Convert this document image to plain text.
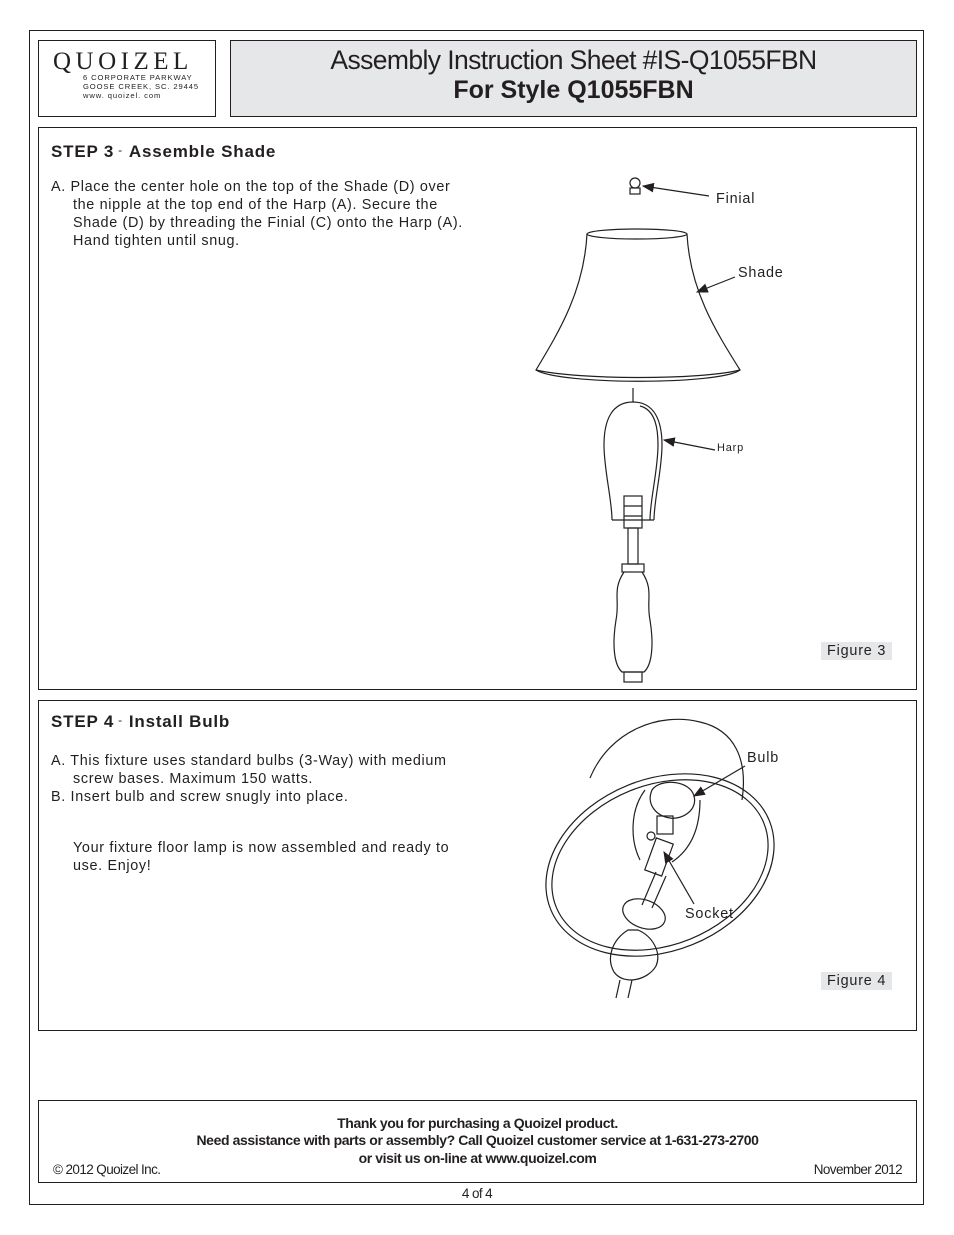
QUOIZEL
6 CORPORATE PARKWAY
GOOSE CREEK, SC. 29445
www. quoizel. com
Assembly Instruction Sheet #IS-Q1055FBN
For Style Q1055FBN
STEP 3 - Assemble Shade
A. Place the center hole on the top of the Shade (D) over
the nipple at the top end of the Harp (A). Secure the
Shade (D) by threading the Finial (C) onto the Harp (A).
Hand tighten until snug.
Finial
Shade
Harp
Figure 3
STEP 4 - Install Bulb
A. This fixture uses standard bulbs (3-Way) with medium
screw bases. Maximum 150 watts.
B. Insert bulb and screw snugly into place.
Your fixture floor lamp is now assembled and ready to
use. Enjoy!
Bulb
Socket
Figure 4
Thank you for purchasing a Quoizel product.
Need assistance with parts or assembly? Call Quoizel customer service at 1-631-273-2700
or visit us on-line at www.quoizel.com
© 2012 Quoizel Inc.	November 2012
4 of 4
